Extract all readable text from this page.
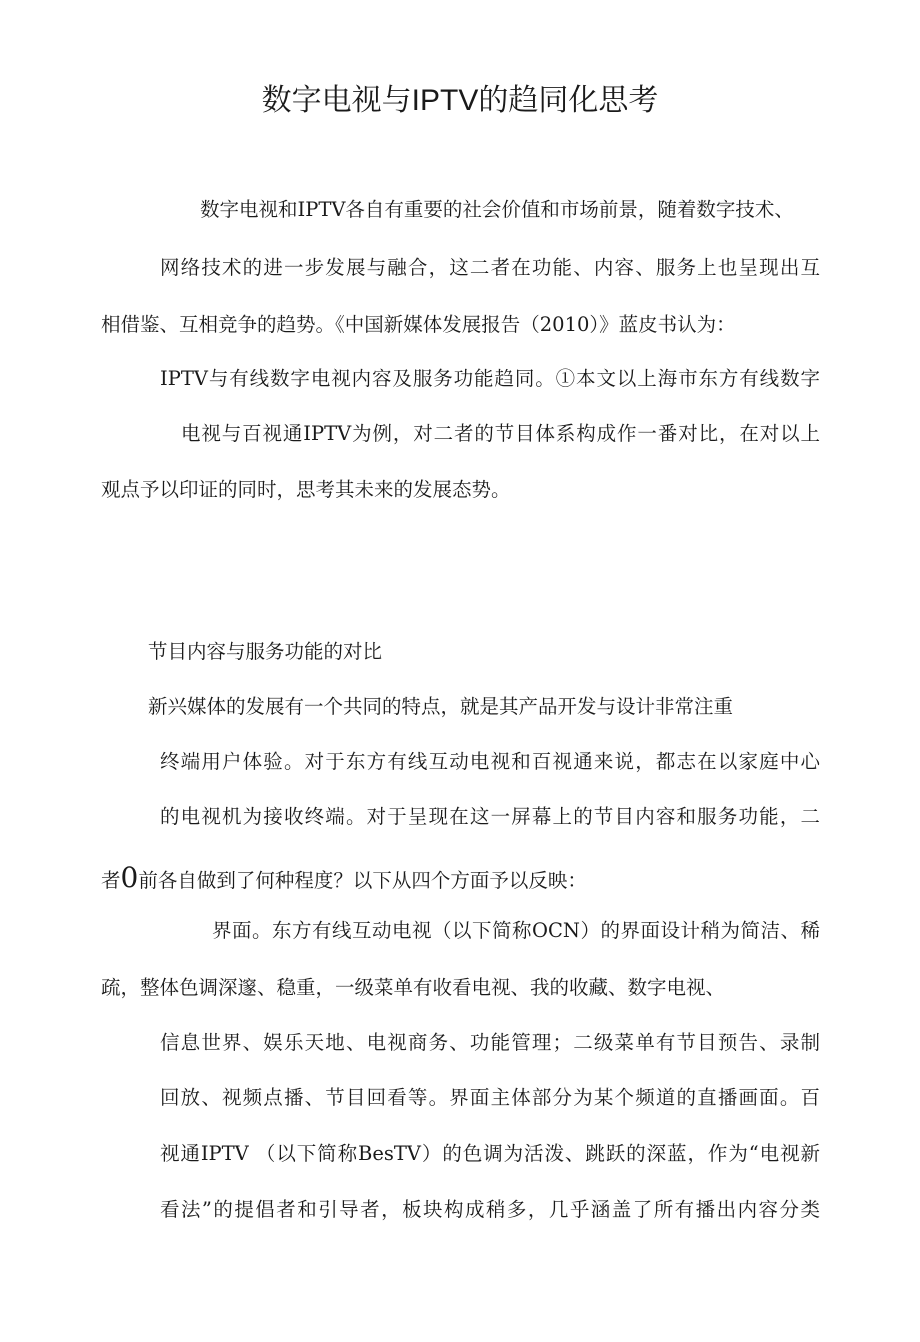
数字电视与IPTV的趋同化思考
数字电视和IPTV各自有重要的社会价值和市场前景，随着数字技术、
网络技术的进一步发展与融合，这二者在功能、内容、服务上也呈现出互
相借鉴、互相竞争的趋势。《中国新媒体发展报告（2010）》蓝皮书认为：
IPTV与有线数字电视内容及服务功能趋同。①本文以上海市东方有线数字
电视与百视通IPTV为例，对二者的节目体系构成作一番对比，在对以上
观点予以印证的同时，思考其未来的发展态势。
节目内容与服务功能的对比
新兴媒体的发展有一个共同的特点，就是其产品开发与设计非常注重
终端用户体验。对于东方有线互动电视和百视通来说，都志在以家庭中心
的电视机为接收终端。对于呈现在这一屏幕上的节目内容和服务功能，二
者0前各自做到了何种程度？以下从四个方面予以反映：
界面。东方有线互动电视（以下简称OCN）的界面设计稍为简洁、稀
疏，整体色调深邃、稳重，一级菜单有收看电视、我的收藏、数字电视、
信息世界、娱乐天地、电视商务、功能管理；二级菜单有节目预告、录制
回放、视频点播、节目回看等。界面主体部分为某个频道的直播画面。百
视通IPTV （以下简称BesTV）的色调为活泼、跳跃的深蓝，作为“电视新
看法”的提倡者和引导者，板块构成稍多，几乎涵盖了所有播出内容分类
